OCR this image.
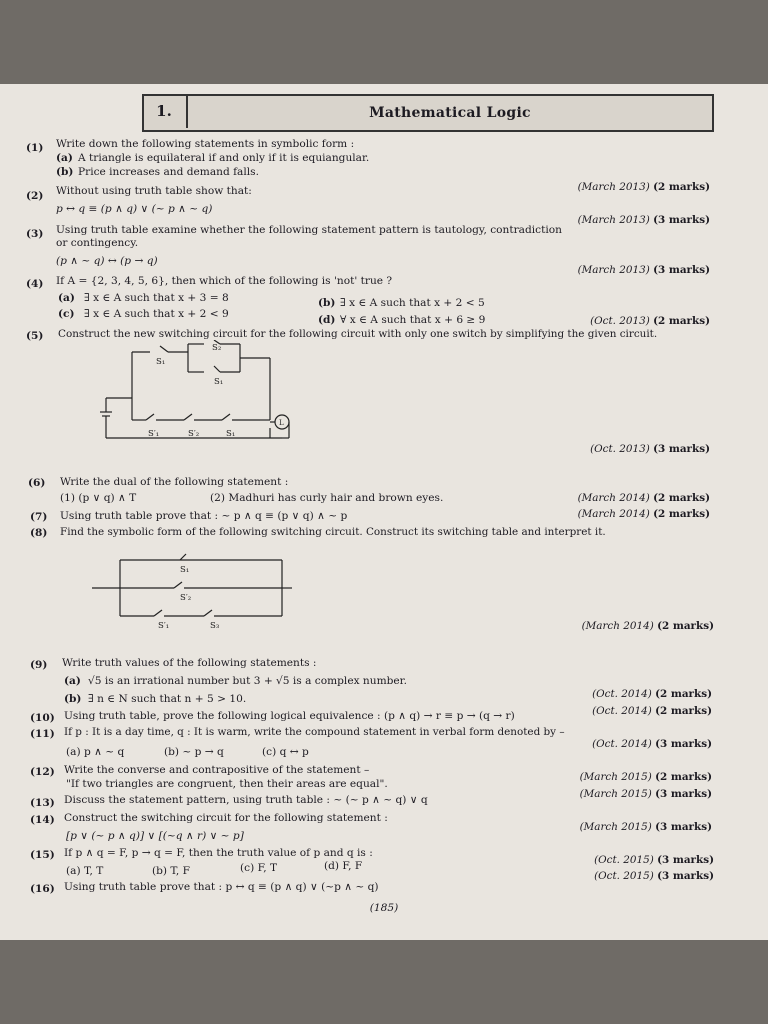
1.	Mathematical Logic
(1) Write down the following statements in symbolic form :
(a) A triangle is equilateral if and only if it is equiangular.
(b) Price increases and demand falls.
(2) Without using truth table show that:	(March 2013) (2 marks)
p ↔ q ≡ (p ∧ q) ∨ (~ p ∧ ~ q)
(3)
(March 2013) (3 marks)
Using truth table examine whether the following statement pattern is tautology, contradiction
or contingency.
(p ∧ ~ q) ↔ (p → q)
(4)
(March 2013) (3 marks)
If A = {2, 3, 4, 5, 6}, then which of the following is 'not' true ?
(a) ∃ x ∈ A such that x + 3 = 8	(b) ∃ x ∈ A such that x + 2 < 5
(c) ∃ x ∈ A such that x + 2 < 9	(d) ∀ x ∈ A such that x + 6 ≥ 9	(Oct. 2013) (2 marks)
(5) Construct the new switching circuit for the following circuit with only one switch by simplifying the given circuit.
S₁
S₂
S₁
S′₁	S′₂	S₁
L
(Oct. 2013) (3 marks)
(6) Write the dual of the following statement :
(1) (p ∨ q) ∧ T	(2) Madhuri has curly hair and brown eyes.	(March 2014) (2 marks)
(7) Using truth table prove that : ~ p ∧ q ≡ (p ∨ q) ∧ ~ p	(March 2014) (2 marks)
(8) Find the symbolic form of the following switching circuit. Construct its switching table and interpret it.
S₁
S′₂
S′₁	S₃	(March 2014) (2 marks)
(9) Write truth values of the following statements :
(a) √5 is an irrational number but 3 + √5 is a complex number.
(b) ∃ n ∈ N such that n + 5 > 10.	(Oct. 2014) (2 marks)
(10) Using truth table, prove the following logical equivalence : (p ∧ q) → r ≡ p → (q → r)	(Oct. 2014) (2 marks)
(11) If p : It is a day time, q : It is warm, write the compound statement in verbal form denoted by –
(a) p ∧ ~ q	(b) ~ p → q	(c) q ↔ p
(Oct. 2014) (3 marks)
(12) Write the converse and contrapositive of the statement –
"If two triangles are congruent, then their areas are equal".
(March 2015) (2 marks)
(13) Discuss the statement pattern, using truth table : ~ (~ p ∧ ~ q) ∨ q	(March 2015) (3 marks)
(14) Construct the switching circuit for the following statement :
[p ∨ (~ p ∧ q)] ∨ [(~q ∧ r) ∨ ~ p]
(March 2015) (3 marks)
(15) If p ∧ q = F, p → q = F, then the truth value of p and q is :
(a) T, T	(b) T, F	(c) F, T	(d) F, F	(Oct. 2015) (3 marks)
(16) Using truth table prove that : p ↔ q ≡ (p ∧ q) ∨ (~p ∧ ~ q)
(Oct. 2015) (3 marks)
(185)
